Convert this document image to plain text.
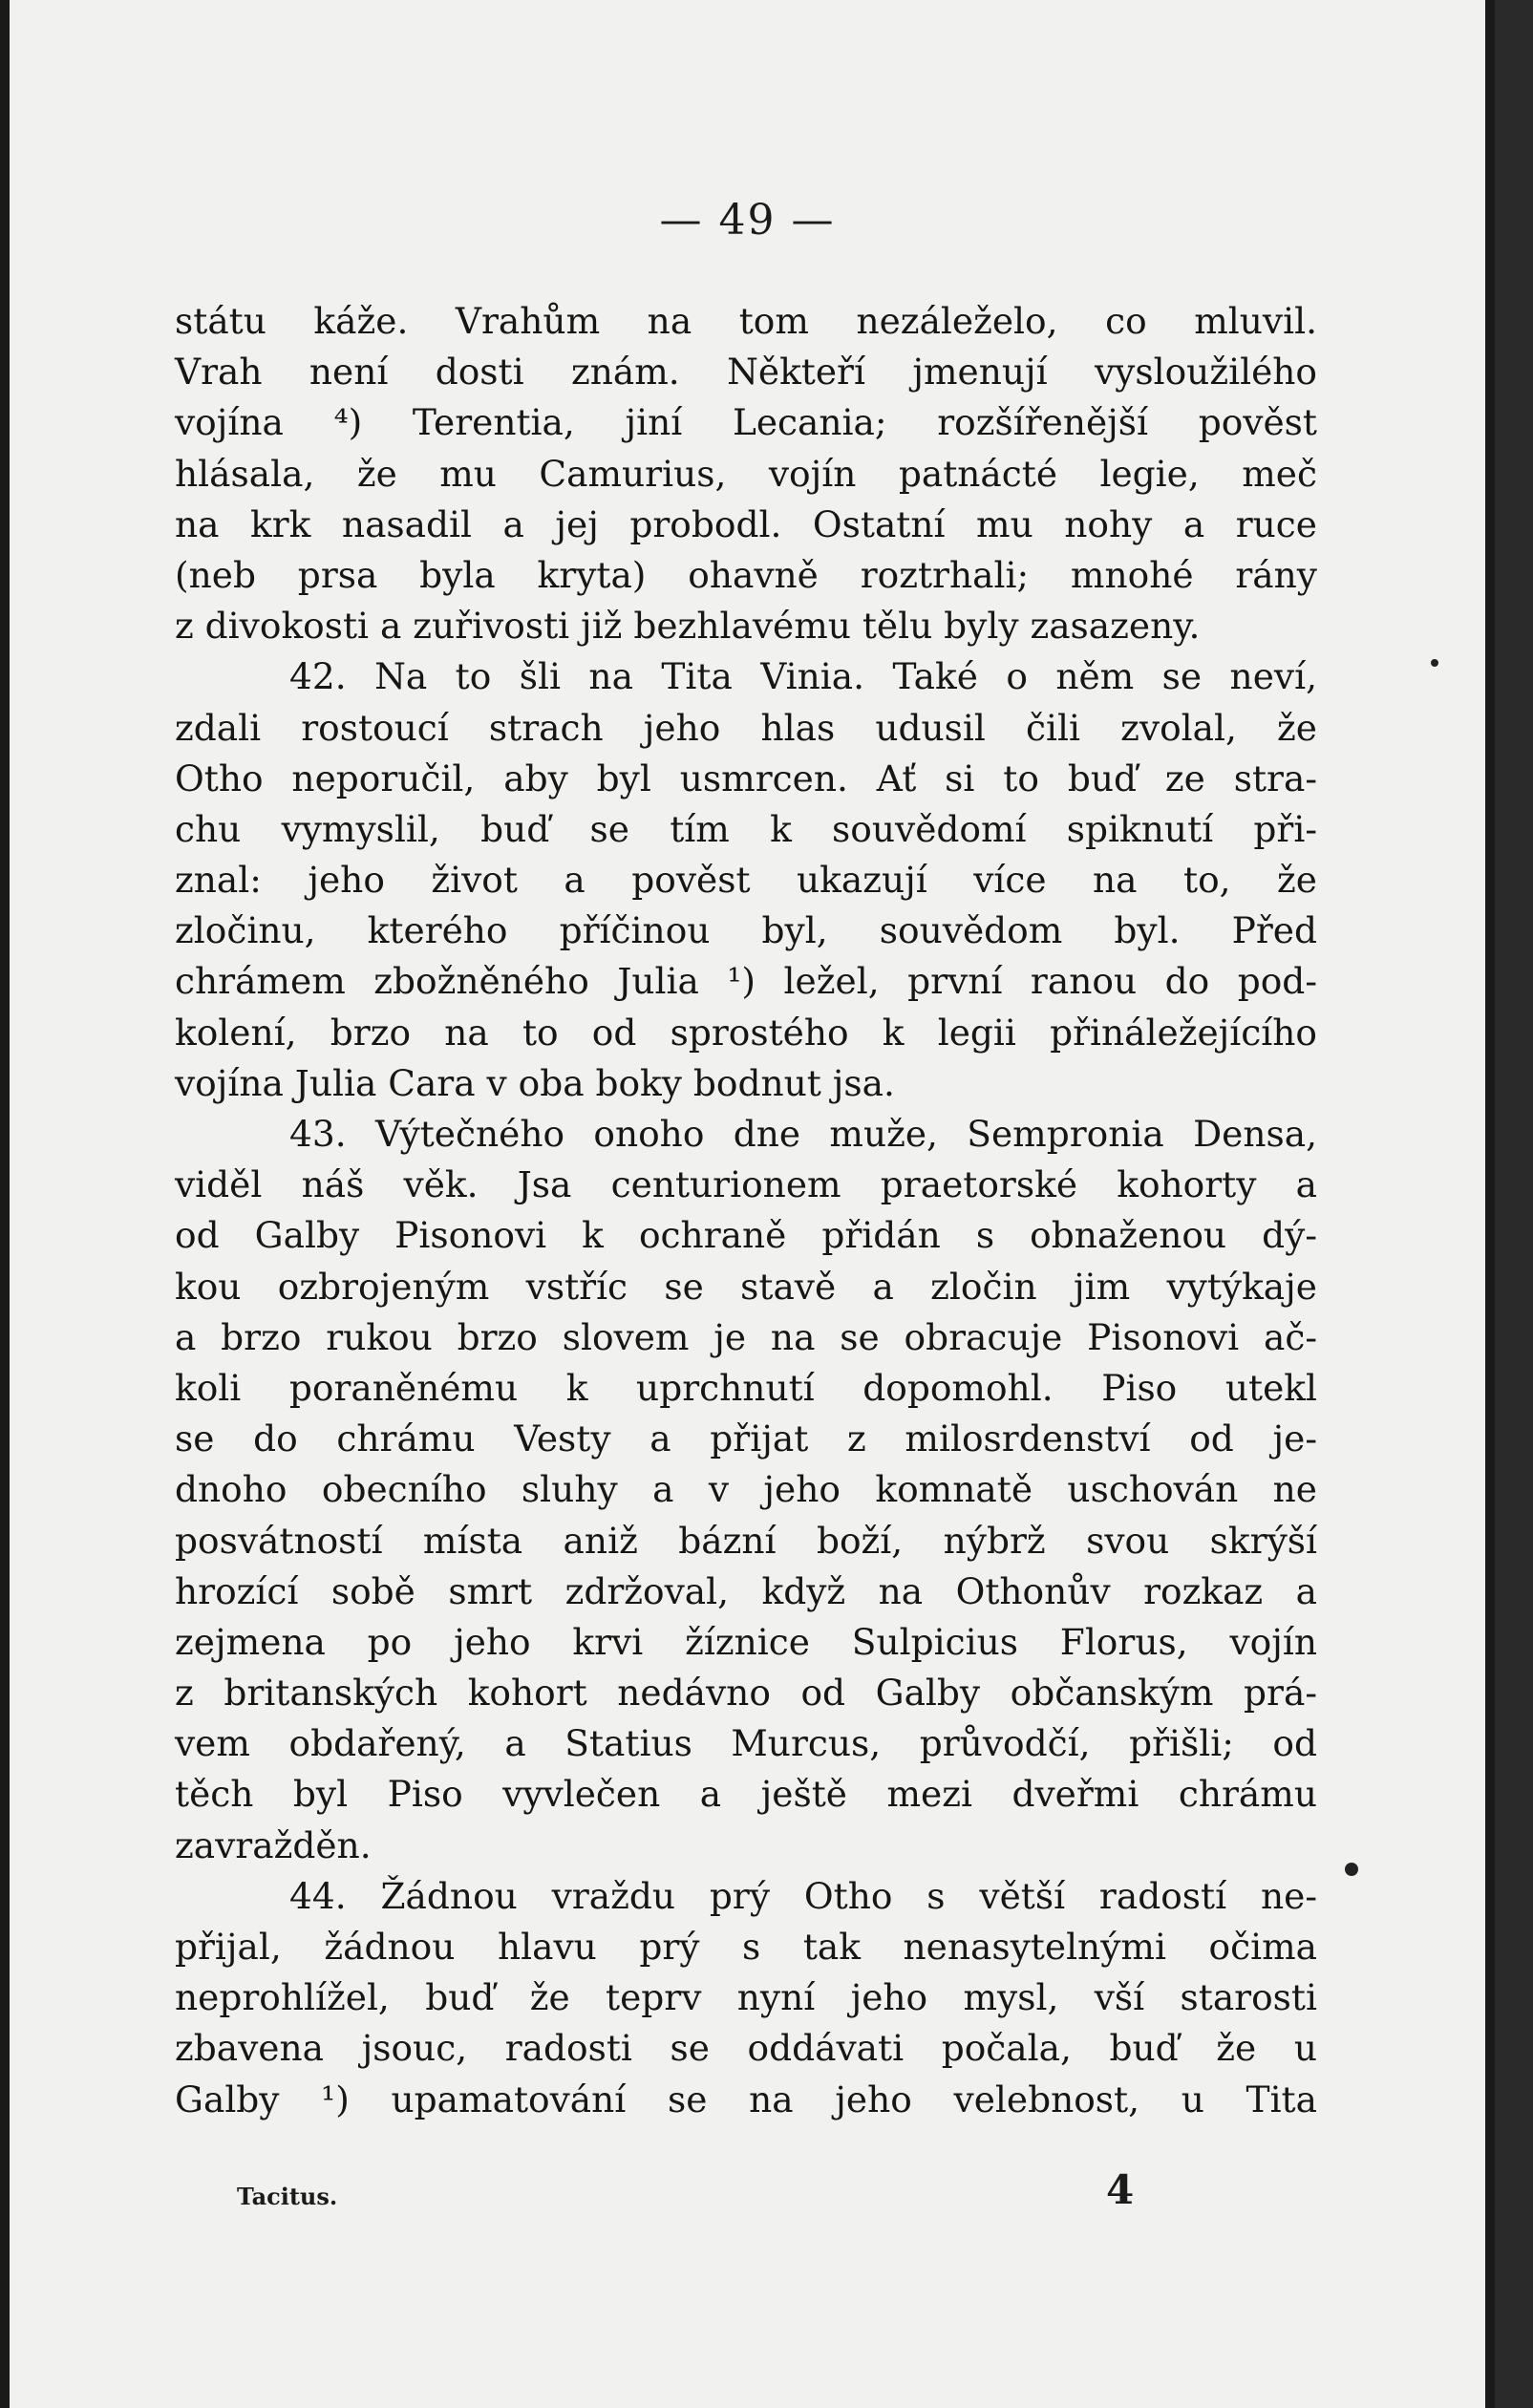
— 49 —
státu káže. Vrahům na tom nezáleželo, co mluvil.
Vrah není dosti znám. Někteří jmenují vysloužilého
vojína ⁴) Terentia, jiní Lecania; rozšířenější pověst
hlásala, že mu Camurius, vojín patnácté legie, meč
na krk nasadil a jej probodl. Ostatní mu nohy a ruce
(neb prsa byla kryta) ohavně roztrhali; mnohé rány
z divokosti a zuřivosti již bezhlavému tělu byly zasazeny.
42. Na to šli na Tita Vinia. Také o něm se neví,
zdali rostoucí strach jeho hlas udusil čili zvolal, že
Otho neporučil, aby byl usmrcen. Ať si to buď ze stra-
chu vymyslil, buď se tím k souvědomí spiknutí při-
znal: jeho život a pověst ukazují více na to, že
zločinu, kterého příčinou byl, souvědom byl. Před
chrámem zbožněného Julia ¹) ležel, první ranou do pod-
kolení, brzo na to od sprostého k legii přináležejícího
vojína Julia Cara v oba boky bodnut jsa.
43. Výtečného onoho dne muže, Sempronia Densa,
viděl náš věk. Jsa centurionem praetorské kohorty a
od Galby Pisonovi k ochraně přidán s obnaženou dý-
kou ozbrojeným vstříc se stavě a zločin jim vytýkaje
a brzo rukou brzo slovem je na se obracuje Pisonovi ač-
koli poraněnému k uprchnutí dopomohl. Piso utekl
se do chrámu Vesty a přijat z milosrdenství od je-
dnoho obecního sluhy a v jeho komnatě uschován ne
posvátností místa aniž bázní boží, nýbrž svou skrýší
hrozící sobě smrt zdržoval, když na Othonův rozkaz a
zejmena po jeho krvi žíznice Sulpicius Florus, vojín
z britanských kohort nedávno od Galby občanským prá-
vem obdařený, a Statius Murcus, průvodčí, přišli; od
těch byl Piso vyvlečen a ještě mezi dveřmi chrámu
zavražděn.
44. Žádnou vraždu prý Otho s větší radostí ne-
přijal, žádnou hlavu prý s tak nenasytelnými očima
neprohlížel, buď že teprv nyní jeho mysl, vší starosti
zbavena jsouc, radosti se oddávati počala, buď že u
Galby ¹) upamatování se na jeho velebnost, u Tita
Tacitus.	4
